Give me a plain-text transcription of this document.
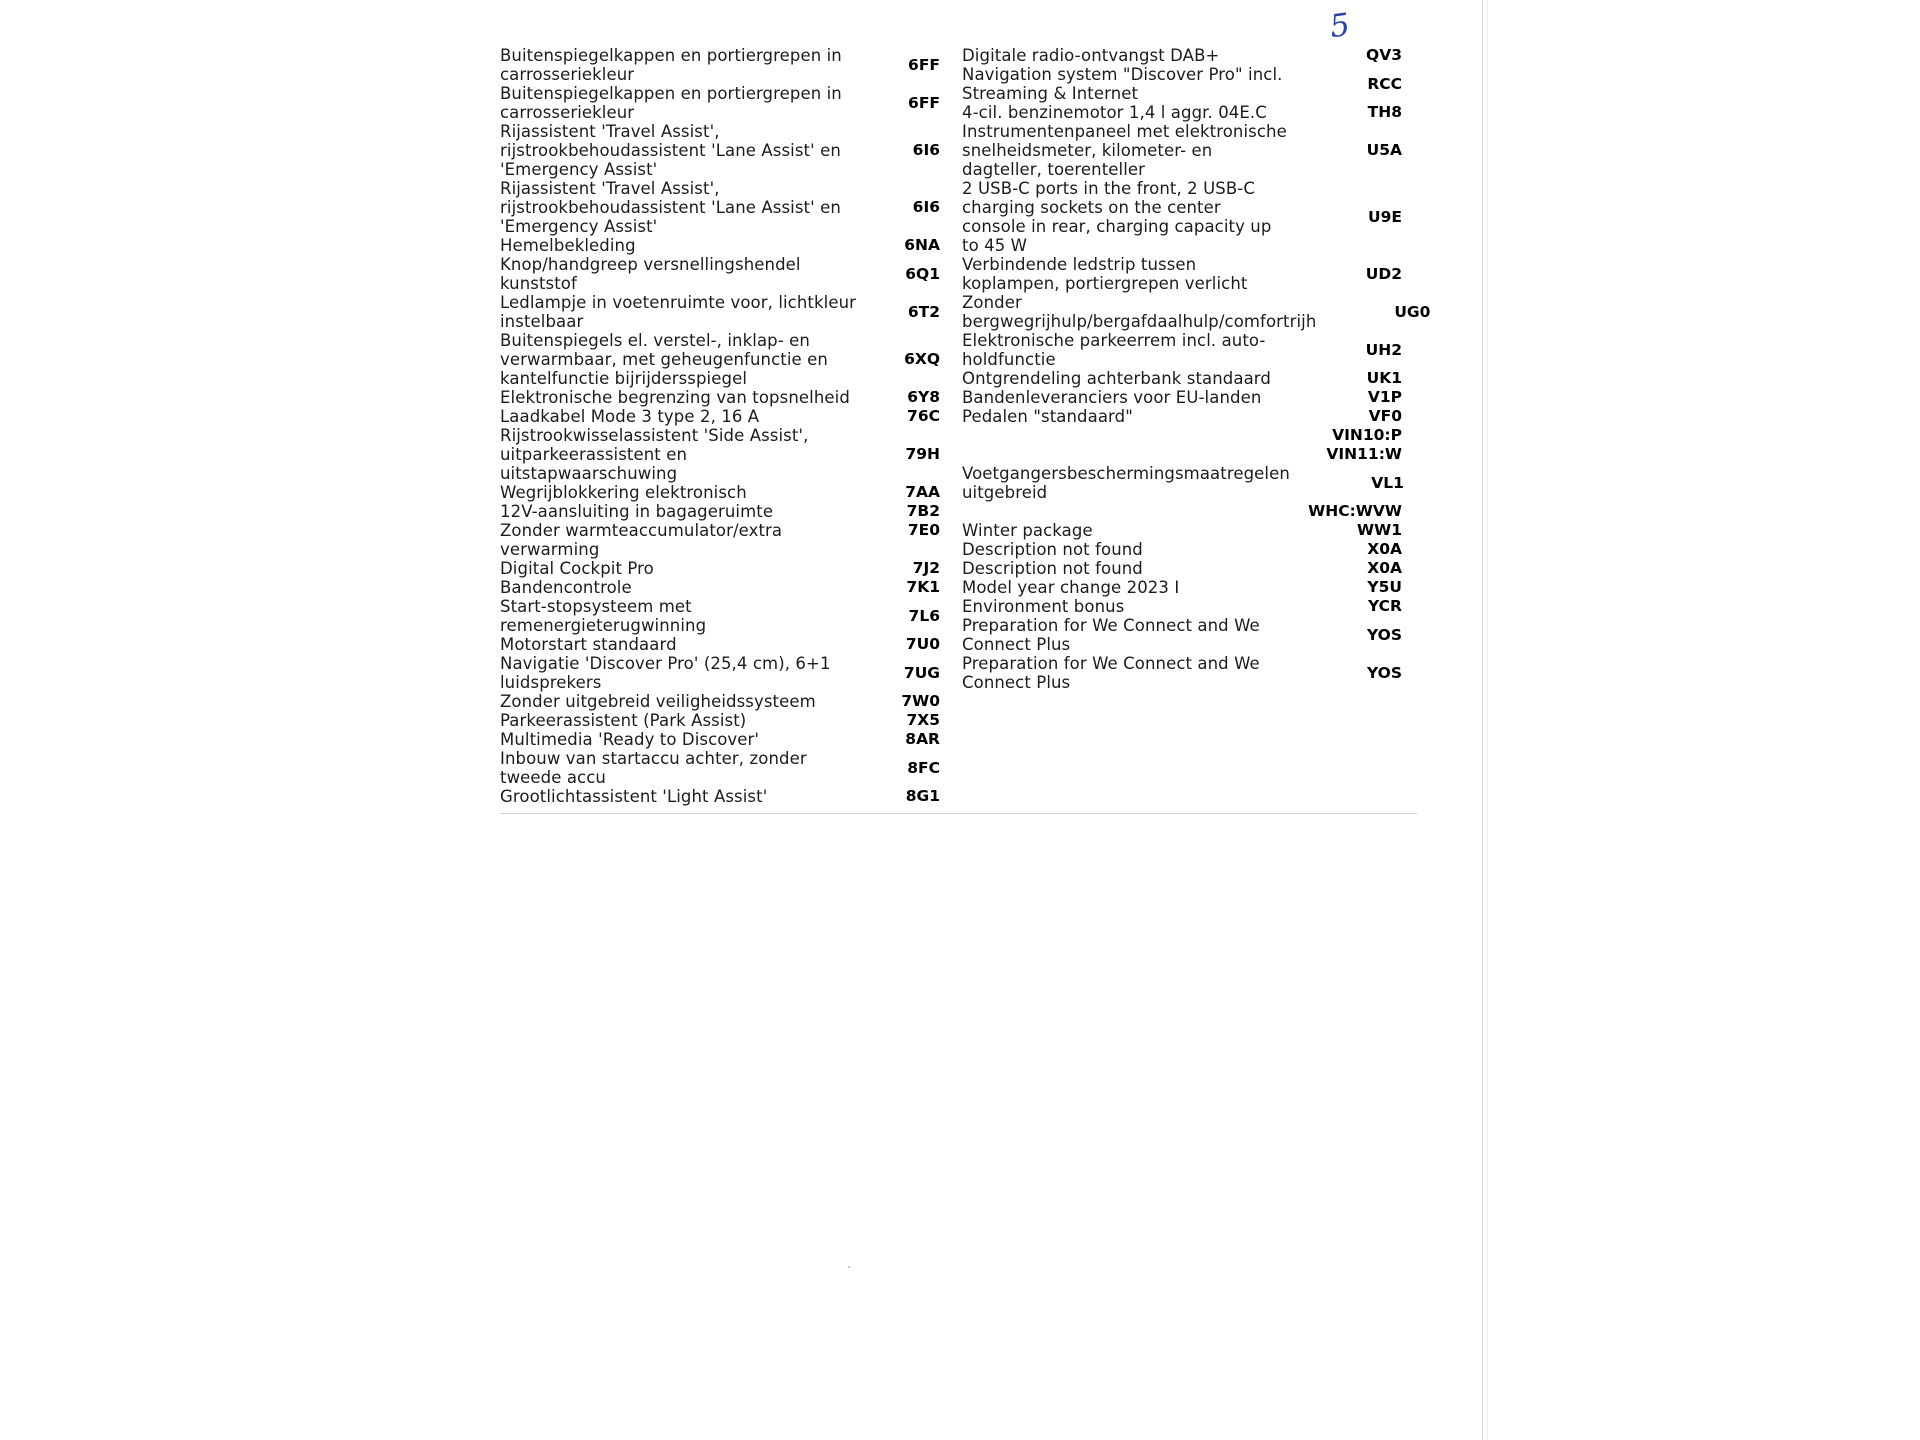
5
Buitenspiegelkappen en portiergrepen in carrosseriekleur
6FF
Buitenspiegelkappen en portiergrepen in carrosseriekleur
6FF
Rijassistent 'Travel Assist', rijstrookbehoudassistent 'Lane Assist' en 'Emergency Assist'
6I6
Rijassistent 'Travel Assist', rijstrookbehoudassistent 'Lane Assist' en 'Emergency Assist'
6I6
Hemelbekleding	6NA
Knop/handgreep versnellingshendel kunststof
6Q1
Ledlampje in voetenruimte voor, lichtkleur instelbaar
6T2
Buitenspiegels el. verstel-, inklap- en verwarmbaar, met geheugenfunctie en kantelfunctie bijrijdersspiegel
6XQ
Elektronische begrenzing van topsnelheid	6Y8
Laadkabel Mode 3 type 2, 16 A	76C
Rijstrookwisselassistent 'Side Assist', uitparkeerassistent en uitstapwaarschuwing
79H
Wegrijblokkering elektronisch	7AA
12V-aansluiting in bagageruimte	7B2
Zonder warmteaccumulator/extra verwarming
7E0
Digital Cockpit Pro	7J2
Bandencontrole	7K1
Start-stopsysteem met remenergieterugwinning
7L6
Motorstart standaard	7U0
Navigatie 'Discover Pro' (25,4 cm), 6+1 luidsprekers
7UG
Zonder uitgebreid veiligheidssysteem	7W0
Parkeerassistent (Park Assist)	7X5
Multimedia 'Ready to Discover'	8AR
Inbouw van startaccu achter, zonder tweede accu
8FC
Grootlichtassistent 'Light Assist'	8G1
Digitale radio-ontvangst DAB+	QV3
Navigation system "Discover Pro" incl. Streaming & Internet
RCC
4-cil. benzinemotor 1,4 l aggr. 04E.C	TH8
Instrumentenpaneel met elektronische snelheidsmeter, kilometer- en dagteller, toerenteller
U5A
2 USB-C ports in the front, 2 USB-C charging sockets on the center console in rear, charging capacity up to 45 W
U9E
Verbindende ledstrip tussen koplampen, portiergrepen verlicht
UD2
Zonder bergwegrijhulp/bergafdaalhulp/comfortrijh
UG0
Elektronische parkeerrem incl. auto-holdfunctie
UH2
Ontgrendeling achterbank standaard	UK1
Bandenleveranciers voor EU-landen	V1P
Pedalen "standaard"	VF0
VIN10:P
VIN11:W
Voetgangersbeschermingsmaatregelen uitgebreid
VL1
WHC:WVW
Winter package	WW1
Description not found	X0A
Description not found	X0A
Model year change 2023 I	Y5U
Environment bonus	YCR
Preparation for We Connect and We Connect Plus
YOS
Preparation for We Connect and We Connect Plus
YOS
